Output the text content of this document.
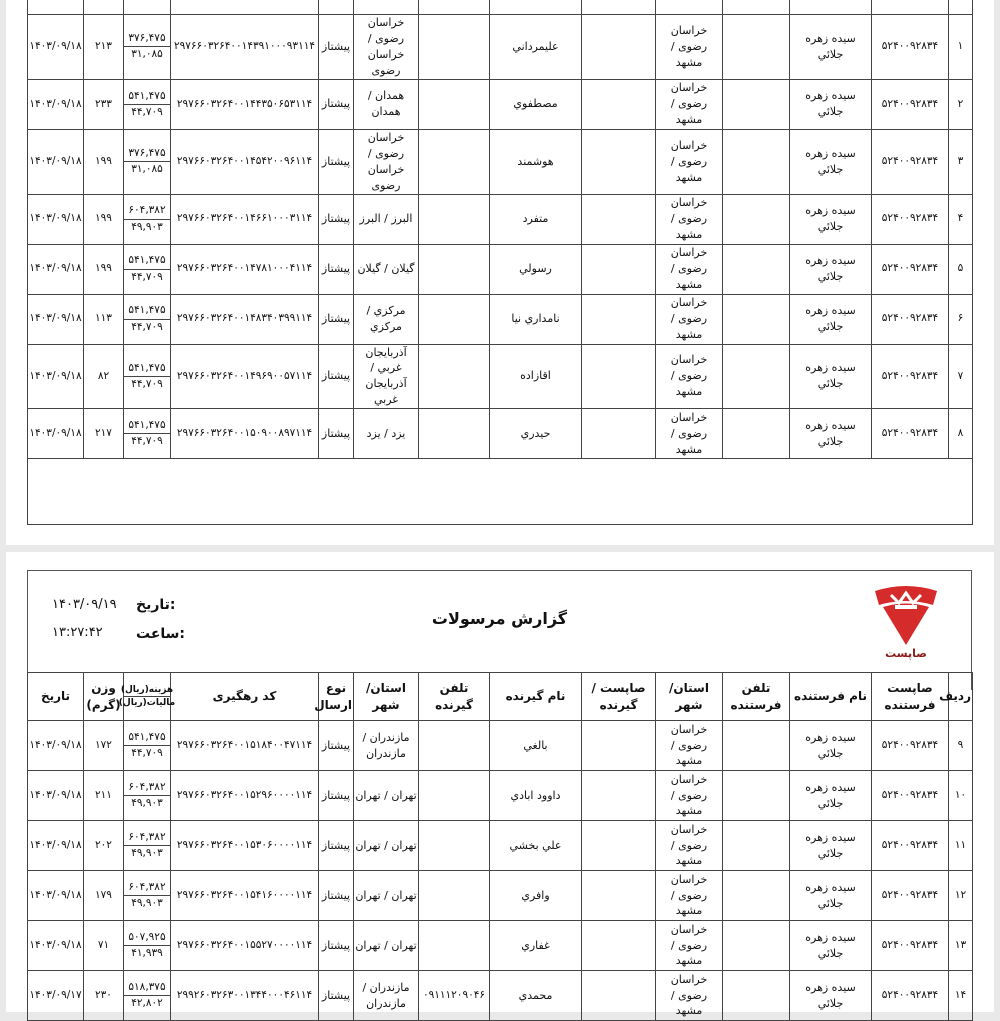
۱	۵۲۴۰۰۹۲۸۳۴	سیده زهره جلائي		خراسان رضوی / مشهد		عليمرداني		خراسان رضوی / خراسان رضوی	پيشتاز	۲۹۷۶۶۰۳۲۶۴۰۰۱۴۳۹۱۰۰۰۹۳۱۱۴	۳۷۶,۴۷۵
۳۱,۰۸۵	۲۱۳	۱۴۰۳/۰۹/۱۸
۲	۵۲۴۰۰۹۲۸۳۴	سیده زهره جلائي		خراسان رضوی / مشهد		مصطفوي		همدان / همدان	پيشتاز	۲۹۷۶۶۰۳۲۶۴۰۰۱۴۴۳۵۰۶۵۳۱۱۴	۵۴۱,۴۷۵
۴۴,۷۰۹	۲۳۳	۱۴۰۳/۰۹/۱۸
۳	۵۲۴۰۰۹۲۸۳۴	سیده زهره جلائي		خراسان رضوی / مشهد		هوشمند		خراسان رضوی / خراسان رضوی	پيشتاز	۲۹۷۶۶۰۳۲۶۴۰۰۱۴۵۴۲۰۰۹۶۱۱۴	۳۷۶,۴۷۵
۳۱,۰۸۵	۱۹۹	۱۴۰۳/۰۹/۱۸
۴	۵۲۴۰۰۹۲۸۳۴	سیده زهره جلائي		خراسان رضوی / مشهد		متفرد		البرز / البرز	پيشتاز	۲۹۷۶۶۰۳۲۶۴۰۰۱۴۶۶۱۰۰۰۳۱۱۴	۶۰۴,۳۸۲
۴۹,۹۰۳	۱۹۹	۱۴۰۳/۰۹/۱۸
۵	۵۲۴۰۰۹۲۸۳۴	سیده زهره جلائي		خراسان رضوی / مشهد		رسولي		گیلان / گیلان	پيشتاز	۲۹۷۶۶۰۳۲۶۴۰۰۱۴۷۸۱۰۰۰۴۱۱۴	۵۴۱,۴۷۵
۴۴,۷۰۹	۱۹۹	۱۴۰۳/۰۹/۱۸
۶	۵۲۴۰۰۹۲۸۳۴	سیده زهره جلائي		خراسان رضوی / مشهد		نامداري نيا		مرکزي / مرکزي	پيشتاز	۲۹۷۶۶۰۳۲۶۴۰۰۱۴۸۳۴۰۳۹۹۱۱۴	۵۴۱,۴۷۵
۴۴,۷۰۹	۱۱۳	۱۴۰۳/۰۹/۱۸
۷	۵۲۴۰۰۹۲۸۳۴	سیده زهره جلائي		خراسان رضوی / مشهد		اقازاده		آذربایجان غربي / آذربایجان غربي	پيشتاز	۲۹۷۶۶۰۳۲۶۴۰۰۱۴۹۶۹۰۰۵۷۱۱۴	۵۴۱,۴۷۵
۴۴,۷۰۹	۸۲	۱۴۰۳/۰۹/۱۸
۸	۵۲۴۰۰۹۲۸۳۴	سیده زهره جلائي		خراسان رضوی / مشهد		حيدري		یزد / یزد	پيشتاز	۲۹۷۶۶۰۳۲۶۴۰۰۱۵۰۹۰۰۸۹۷۱۱۴	۵۴۱,۴۷۵
۴۴,۷۰۹	۲۱۷	۱۴۰۳/۰۹/۱۸

تاریخ:
۱۴۰۳/۰۹/۱۹
ساعت:
۱۳:۲۷:۴۲
گزارش مرسولات
صاپست
ردیف	صاپست فرستنده	نام فرستنده	تلفن فرستنده	استان/ شهر	صاپست / گیرنده	نام گیرنده	تلفن گیرنده	استان/ شهر	نوع ارسال	کد رهگیری	هزینه(ریال)
مالیات(ریال)	وزن (گرم)	تاریخ
۹	۵۲۴۰۰۹۲۸۳۴	سیده زهره جلائي		خراسان رضوی / مشهد		بالغي		مازندران / مازندران	پيشتاز	۲۹۷۶۶۰۳۲۶۴۰۰۱۵۱۸۴۰۰۴۷۱۱۴	۵۴۱,۴۷۵
۴۴,۷۰۹	۱۷۲	۱۴۰۳/۰۹/۱۸
۱۰	۵۲۴۰۰۹۲۸۳۴	سیده زهره جلائي		خراسان رضوی / مشهد		داوود ابادي		تهران / تهران	پيشتاز	۲۹۷۶۶۰۳۲۶۴۰۰۱۵۲۹۶۰۰۰۰۱۱۴	۶۰۴,۳۸۲
۴۹,۹۰۳	۲۱۱	۱۴۰۳/۰۹/۱۸
۱۱	۵۲۴۰۰۹۲۸۳۴	سیده زهره جلائي		خراسان رضوی / مشهد		علي بخشي		تهران / تهران	پيشتاز	۲۹۷۶۶۰۳۲۶۴۰۰۱۵۳۰۶۰۰۰۰۱۱۴	۶۰۴,۳۸۲
۴۹,۹۰۳	۲۰۲	۱۴۰۳/۰۹/۱۸
۱۲	۵۲۴۰۰۹۲۸۳۴	سیده زهره جلائي		خراسان رضوی / مشهد		وافري		تهران / تهران	پيشتاز	۲۹۷۶۶۰۳۲۶۴۰۰۱۵۴۱۶۰۰۰۰۱۱۴	۶۰۴,۳۸۲
۴۹,۹۰۳	۱۷۹	۱۴۰۳/۰۹/۱۸
۱۳	۵۲۴۰۰۹۲۸۳۴	سیده زهره جلائي		خراسان رضوی / مشهد		غفاري		تهران / تهران	پيشتاز	۲۹۷۶۶۰۳۲۶۴۰۰۱۵۵۲۷۰۰۰۰۱۱۴	۵۰۷,۹۲۵
۴۱,۹۳۹	۷۱	۱۴۰۳/۰۹/۱۸
۱۴	۵۲۴۰۰۹۲۸۳۴	سیده زهره جلائي		خراسان رضوی / مشهد		محمدي	۰۹۱۱۱۲۰۹۰۴۶	مازندران / مازندران	پيشتاز	۲۹۹۲۶۰۳۲۶۳۰۰۱۳۴۴۰۰۰۴۶۱۱۴	۵۱۸,۳۷۵
۴۲,۸۰۲	۲۳۰	۱۴۰۳/۰۹/۱۷
